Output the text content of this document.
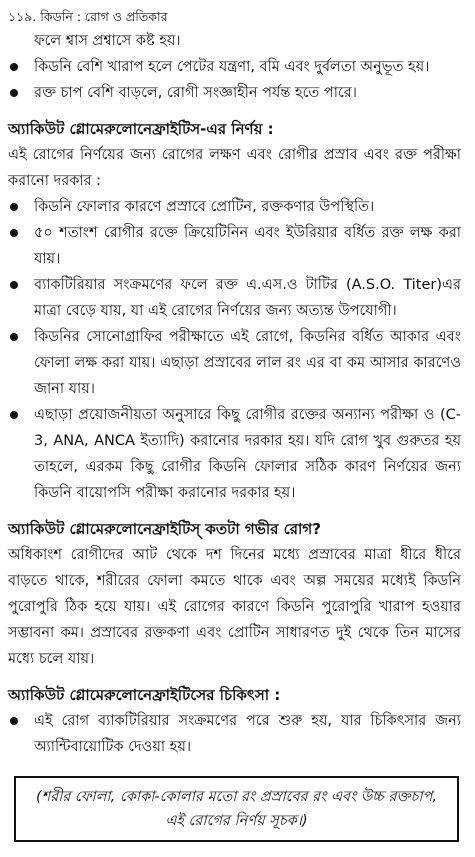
১১৯. কিডনি : রোগ ও প্রতিকার

ফলে শ্বাস প্রশ্বাসে কষ্ট হয়।

কিডনি বেশি খারাপ হলে পেটের যন্ত্রণা, বমি এবং দুর্বলতা অনুভূত হয়।
রক্ত চাপ বেশি বাড়লে, রোগী সংজ্ঞাহীন পর্যন্ত হতে পারে।
অ্যাকিউট গ্লোমেরুলোনেফ্রাইটিস-এর নির্ণয় :

এই রোগের নির্ণয়ের জন্য রোগের লক্ষণ এবং রোগীর প্রস্রাব এবং রক্ত পরীক্ষা করানো দরকার :

কিডনি ফোলার কারণে প্রস্রাবে প্রোটিন, রক্তকণার উপস্থিতি।
৫০ শতাংশ রোগীর রক্তে ক্রিয়েটিনিন এবং ইউরিয়ার বর্ধিত রক্ত লক্ষ করা যায়।
ব্যাকটিরিয়ার সংক্রমণের ফলে রক্ত এ.এস.ও টাটির (A.S.O. Titer)এর মাত্রা বেড়ে যায়, যা এই রোগের নির্ণয়ের জন্য অত্যন্ত উপযোগী।
কিডনির সোনোগ্রাফির পরীক্ষাতে এই রোগে, কিডনির বর্ধিত আকার এবং ফোলা লক্ষ করা যায়। এছাড়া প্রস্রাবের লাল রং এর বা কম আসার কারণেও জানা যায়।
এছাড়া প্রয়োজনীয়তা অনুসারে কিছু রোগীর রক্তের অন্যান্য পরীক্ষা ও (C-3, ANA, ANCA ইত্যাদি) করানোর দরকার হয়। যদি রোগ খুব গুরুতর হয় তাহলে, এরকম কিছু রোগীর কিডনি ফোলার সঠিক কারণ নির্ণয়ের জন্য কিডনি বায়োপসি পরীক্ষা করানোর দরকার হয়।
অ্যাকিউট গ্লোমেরুলোনেফ্রাইটিস্ কতটা গভীর রোগ?

অধিকাংশ রোগীদের আট থেকে দশ দিনের মধ্যে প্রস্রাবের মাত্রা ধীরে ধীরে বাড়তে থাকে, শরীরের ফোলা কমতে থাকে এবং অল্প সময়ের মধ্যেই কিডনি পুরোপুরি ঠিক হয়ে যায়। এই রোগের কারণে কিডনি পুরোপুরি খারাপ হওয়ার সম্ভাবনা কম। প্রস্রাবের রক্তকণা এবং প্রোটিন সাধারণত দুই থেকে তিন মাসের মধ্যে চলে যায়।

অ্যাকিউট গ্লোমেরুলোনেফ্রাইটিসের চিকিৎসা :
এই রোগ ব্যাকটিরিয়ার সংক্রমণের পরে শুরু হয়, যার চিকিৎসার জন্য অ্যান্টিবায়োটিক দেওয়া হয়।

(শরীর ফোলা, কোকা-কোলার মতো রং প্রস্রাবের রং এবং উচ্চ রক্তচাপ, এই রোগের নির্ণয় সূচক।)
